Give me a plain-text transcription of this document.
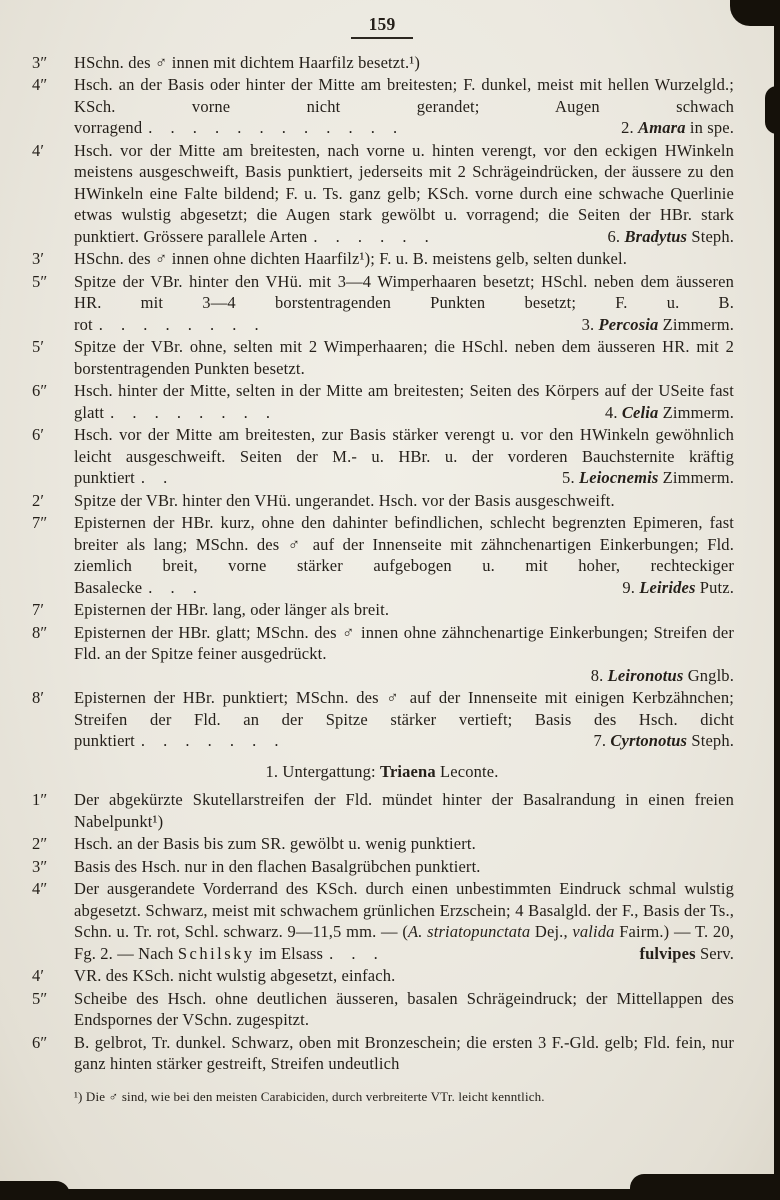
159
3″ HSchn. des ♂ innen mit dichtem Haarfilz besetzt.¹)
4″ Hsch. an der Basis oder hinter der Mitte am breitesten; F. dunkel, meist mit hellen Wurzelgld.; KSch. vorne nicht gerandet; Augen schwach vorragend . . . . . . . . . . . .	2. Amara in spe.
4′ Hsch. vor der Mitte am breitesten, nach vorne u. hinten verengt, vor den eckigen HWinkeln meistens ausgeschweift, Basis punktiert, jederseits mit 2 Schrägeindrücken, der äussere zu den HWinkeln eine Falte bildend; F. u. Ts. ganz gelb; KSch. vorne durch eine schwache Querlinie etwas wulstig abgesetzt; die Augen stark gewölbt u. vorragend; die Seiten der HBr. stark punktiert. Grössere parallele Arten . . . . . .	6. Bradytus Steph.
3′ HSchn. des ♂ innen ohne dichten Haarfilz¹); F. u. B. meistens gelb, selten dunkel.
5″ Spitze der VBr. hinter den VHü. mit 3—4 Wimperhaaren besetzt; HSchl. neben dem äusseren HR. mit 3—4 borstentragenden Punkten besetzt; F. u. B. rot . . . . . . . .	3. Percosia Zimmerm.
5′ Spitze der VBr. ohne, selten mit 2 Wimperhaaren; die HSchl. neben dem äusseren HR. mit 2 borstentragenden Punkten besetzt.
6″ Hsch. hinter der Mitte, selten in der Mitte am breitesten; Seiten des Körpers auf der USeite fast glatt . . . . . . . .	4. Celia Zimmerm.
6′ Hsch. vor der Mitte am breitesten, zur Basis stärker verengt u. vor den HWinkeln gewöhnlich leicht ausgeschweift. Seiten der M.- u. HBr. u. der vorderen Bauchsternite kräftig punktiert . .	5. Leiocnemis Zimmerm.
2′ Spitze der VBr. hinter den VHü. ungerandet. Hsch. vor der Basis ausgeschweift.
7″ Episternen der HBr. kurz, ohne den dahinter befindlichen, schlecht begrenzten Epimeren, fast breiter als lang; MSchn. des ♂ auf der Innenseite mit zähnchenartigen Einkerbungen; Fld. ziemlich breit, vorne stärker aufgebogen u. mit hoher, rechteckiger Basalecke . . .	9. Leirides Putz.
7′ Episternen der HBr. lang, oder länger als breit.
8″ Episternen der HBr. glatt; MSchn. des ♂ innen ohne zähnchenartige Einkerbungen; Streifen der Fld. an der Spitze feiner ausgedrückt.

8. Leironotus Gnglb.
8′ Episternen der HBr. punktiert; MSchn. des ♂ auf der Innenseite mit einigen Kerbzähnchen; Streifen der Fld. an der Spitze stärker vertieft; Basis des Hsch. dicht punktiert . . . . . . .	7. Cyrtonotus Steph.
1. Untergattung: Triaena Leconte.
1″ Der abgekürzte Skutellarstreifen der Fld. mündet hinter der Basalrandung in einen freien Nabelpunkt¹)
2″ Hsch. an der Basis bis zum SR. gewölbt u. wenig punktiert.
3″ Basis des Hsch. nur in den flachen Basalgrübchen punktiert.
4″ Der ausgerandete Vorderrand des KSch. durch einen unbestimmten Eindruck schmal wulstig abgesetzt. Schwarz, meist mit schwachem grünlichen Erzschein; 4 Basalgld. der F., Basis der Ts., Schn. u. Tr. rot, Schl. schwarz. 9—11,5 mm. — (A. striatopunctata Dej., valida Fairm.) — T. 20, Fg. 2. — Nach Schilsky im Elsass . . .	fulvipes Serv.
4′ VR. des KSch. nicht wulstig abgesetzt, einfach.
5″ Scheibe des Hsch. ohne deutlichen äusseren, basalen Schrägeindruck; der Mittellappen des Endspornes der VSchn. zugespitzt.
6″ B. gelbrot, Tr. dunkel. Schwarz, oben mit Bronzeschein; die ersten 3 F.-Gld. gelb; Fld. fein, nur ganz hinten stärker gestreift, Streifen undeutlich
¹) Die ♂ sind, wie bei den meisten Carabiciden, durch verbreiterte VTr. leicht kenntlich.
